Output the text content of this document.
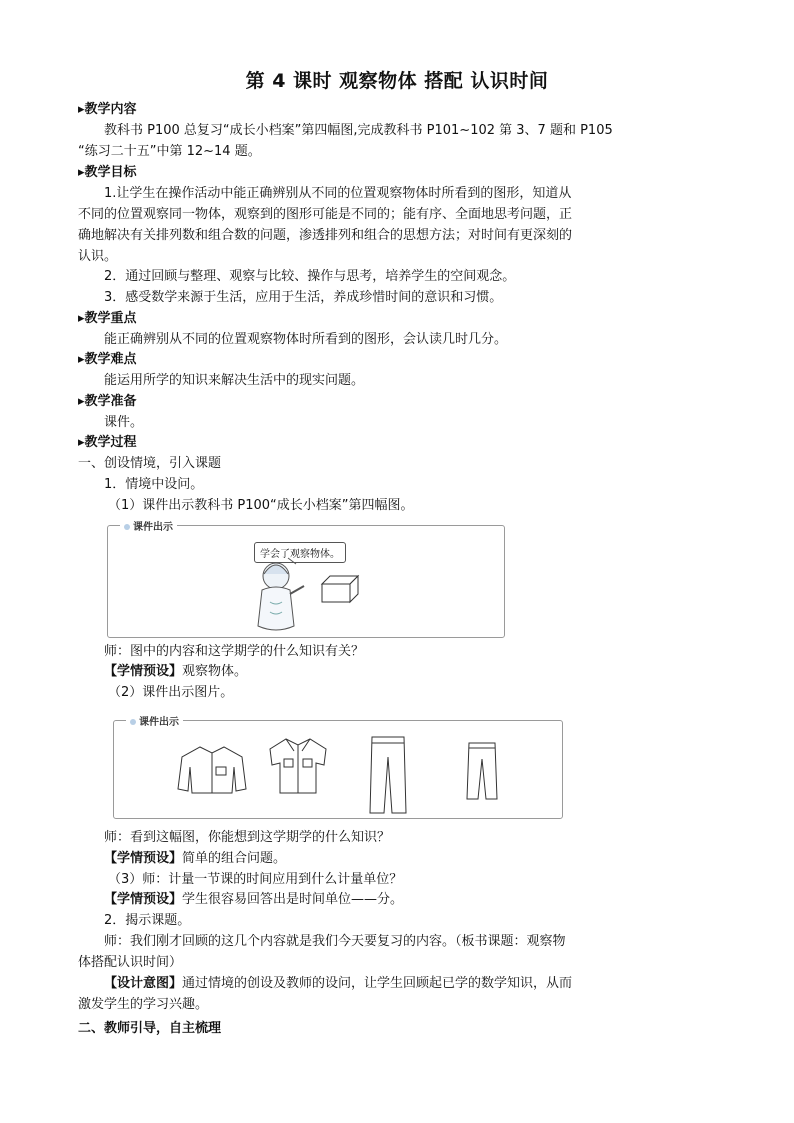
第 4 课时 观察物体 搭配 认识时间
▸教学内容
教科书 P100 总复习“成长小档案”第四幅图,完成教科书 P101~102 第 3、7 题和 P105
“练习二十五”中第 12~14 题。
▸教学目标
1.让学生在操作活动中能正确辨别从不同的位置观察物体时所看到的图形，知道从
不同的位置观察同一物体，观察到的图形可能是不同的；能有序、全面地思考问题，正
确地解决有关排列数和组合数的问题，渗透排列和组合的思想方法；对时间有更深刻的
认识。
2．通过回顾与整理、观察与比较、操作与思考，培养学生的空间观念。
3．感受数学来源于生活，应用于生活，养成珍惜时间的意识和习惯。
▸教学重点
能正确辨别从不同的位置观察物体时所看到的图形，会认读几时几分。
▸教学难点
能运用所学的知识来解决生活中的现实问题。
▸教学准备
课件。
▸教学过程
一、创设情境，引入课题
1．情境中设问。
（1）课件出示教科书 P100“成长小档案”第四幅图。
课件出示
学会了观察物体。
师：图中的内容和这学期学的什么知识有关？
【学情预设】观察物体。
（2）课件出示图片。
课件出示
师：看到这幅图，你能想到这学期学的什么知识？
【学情预设】简单的组合问题。
（3）师：计量一节课的时间应用到什么计量单位？
【学情预设】学生很容易回答出是时间单位——分。
2．揭示课题。
师：我们刚才回顾的这几个内容就是我们今天要复习的内容。（板书课题：观察物
体搭配认识时间）
【设计意图】通过情境的创设及教师的设问，让学生回顾起已学的数学知识，从而
激发学生的学习兴趣。
二、教师引导，自主梳理
